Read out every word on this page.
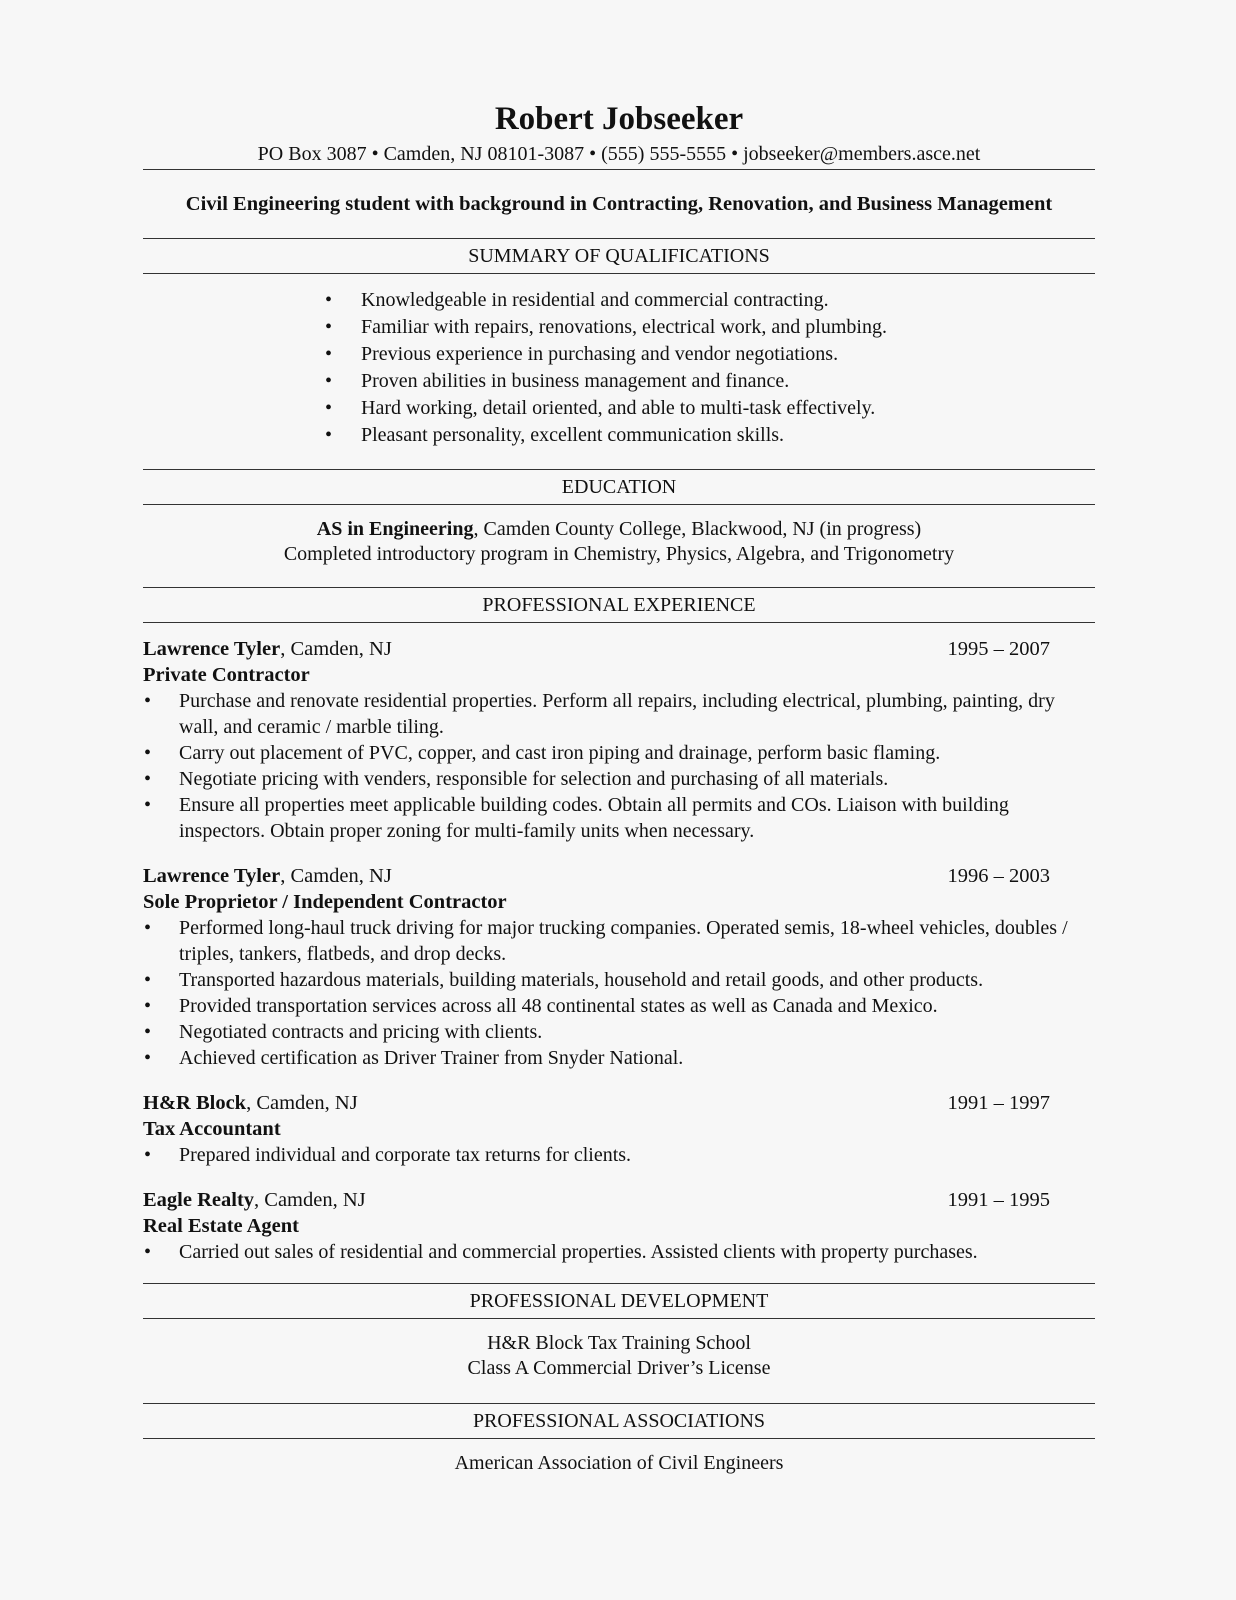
Robert Jobseeker
PO Box 3087 • Camden, NJ 08101-3087 • (555) 555-5555 • jobseeker@members.asce.net
Civil Engineering student with background in Contracting, Renovation, and Business Management
SUMMARY OF QUALIFICATIONS
• Knowledgeable in residential and commercial contracting.
• Familiar with repairs, renovations, electrical work, and plumbing.
• Previous experience in purchasing and vendor negotiations.
• Proven abilities in business management and finance.
• Hard working, detail oriented, and able to multi-task effectively.
• Pleasant personality, excellent communication skills.
EDUCATION
AS in Engineering, Camden County College, Blackwood, NJ (in progress)
Completed introductory program in Chemistry, Physics, Algebra, and Trigonometry
PROFESSIONAL EXPERIENCE
Lawrence Tyler, Camden, NJ	1995 – 2007
Private Contractor
• Purchase and renovate residential properties. Perform all repairs, including electrical, plumbing, painting, dry wall, and ceramic / marble tiling.
• Carry out placement of PVC, copper, and cast iron piping and drainage, perform basic flaming.
• Negotiate pricing with venders, responsible for selection and purchasing of all materials.
• Ensure all properties meet applicable building codes. Obtain all permits and COs. Liaison with building inspectors. Obtain proper zoning for multi-family units when necessary.
Lawrence Tyler, Camden, NJ	1996 – 2003
Sole Proprietor / Independent Contractor
• Performed long-haul truck driving for major trucking companies. Operated semis, 18-wheel vehicles, doubles / triples, tankers, flatbeds, and drop decks.
• Transported hazardous materials, building materials, household and retail goods, and other products.
• Provided transportation services across all 48 continental states as well as Canada and Mexico.
• Negotiated contracts and pricing with clients.
• Achieved certification as Driver Trainer from Snyder National.
H&R Block, Camden, NJ	1991 – 1997
Tax Accountant
• Prepared individual and corporate tax returns for clients.
Eagle Realty, Camden, NJ	1991 – 1995
Real Estate Agent
• Carried out sales of residential and commercial properties. Assisted clients with property purchases.
PROFESSIONAL DEVELOPMENT
H&R Block Tax Training School
Class A Commercial Driver’s License
PROFESSIONAL ASSOCIATIONS
American Association of Civil Engineers
